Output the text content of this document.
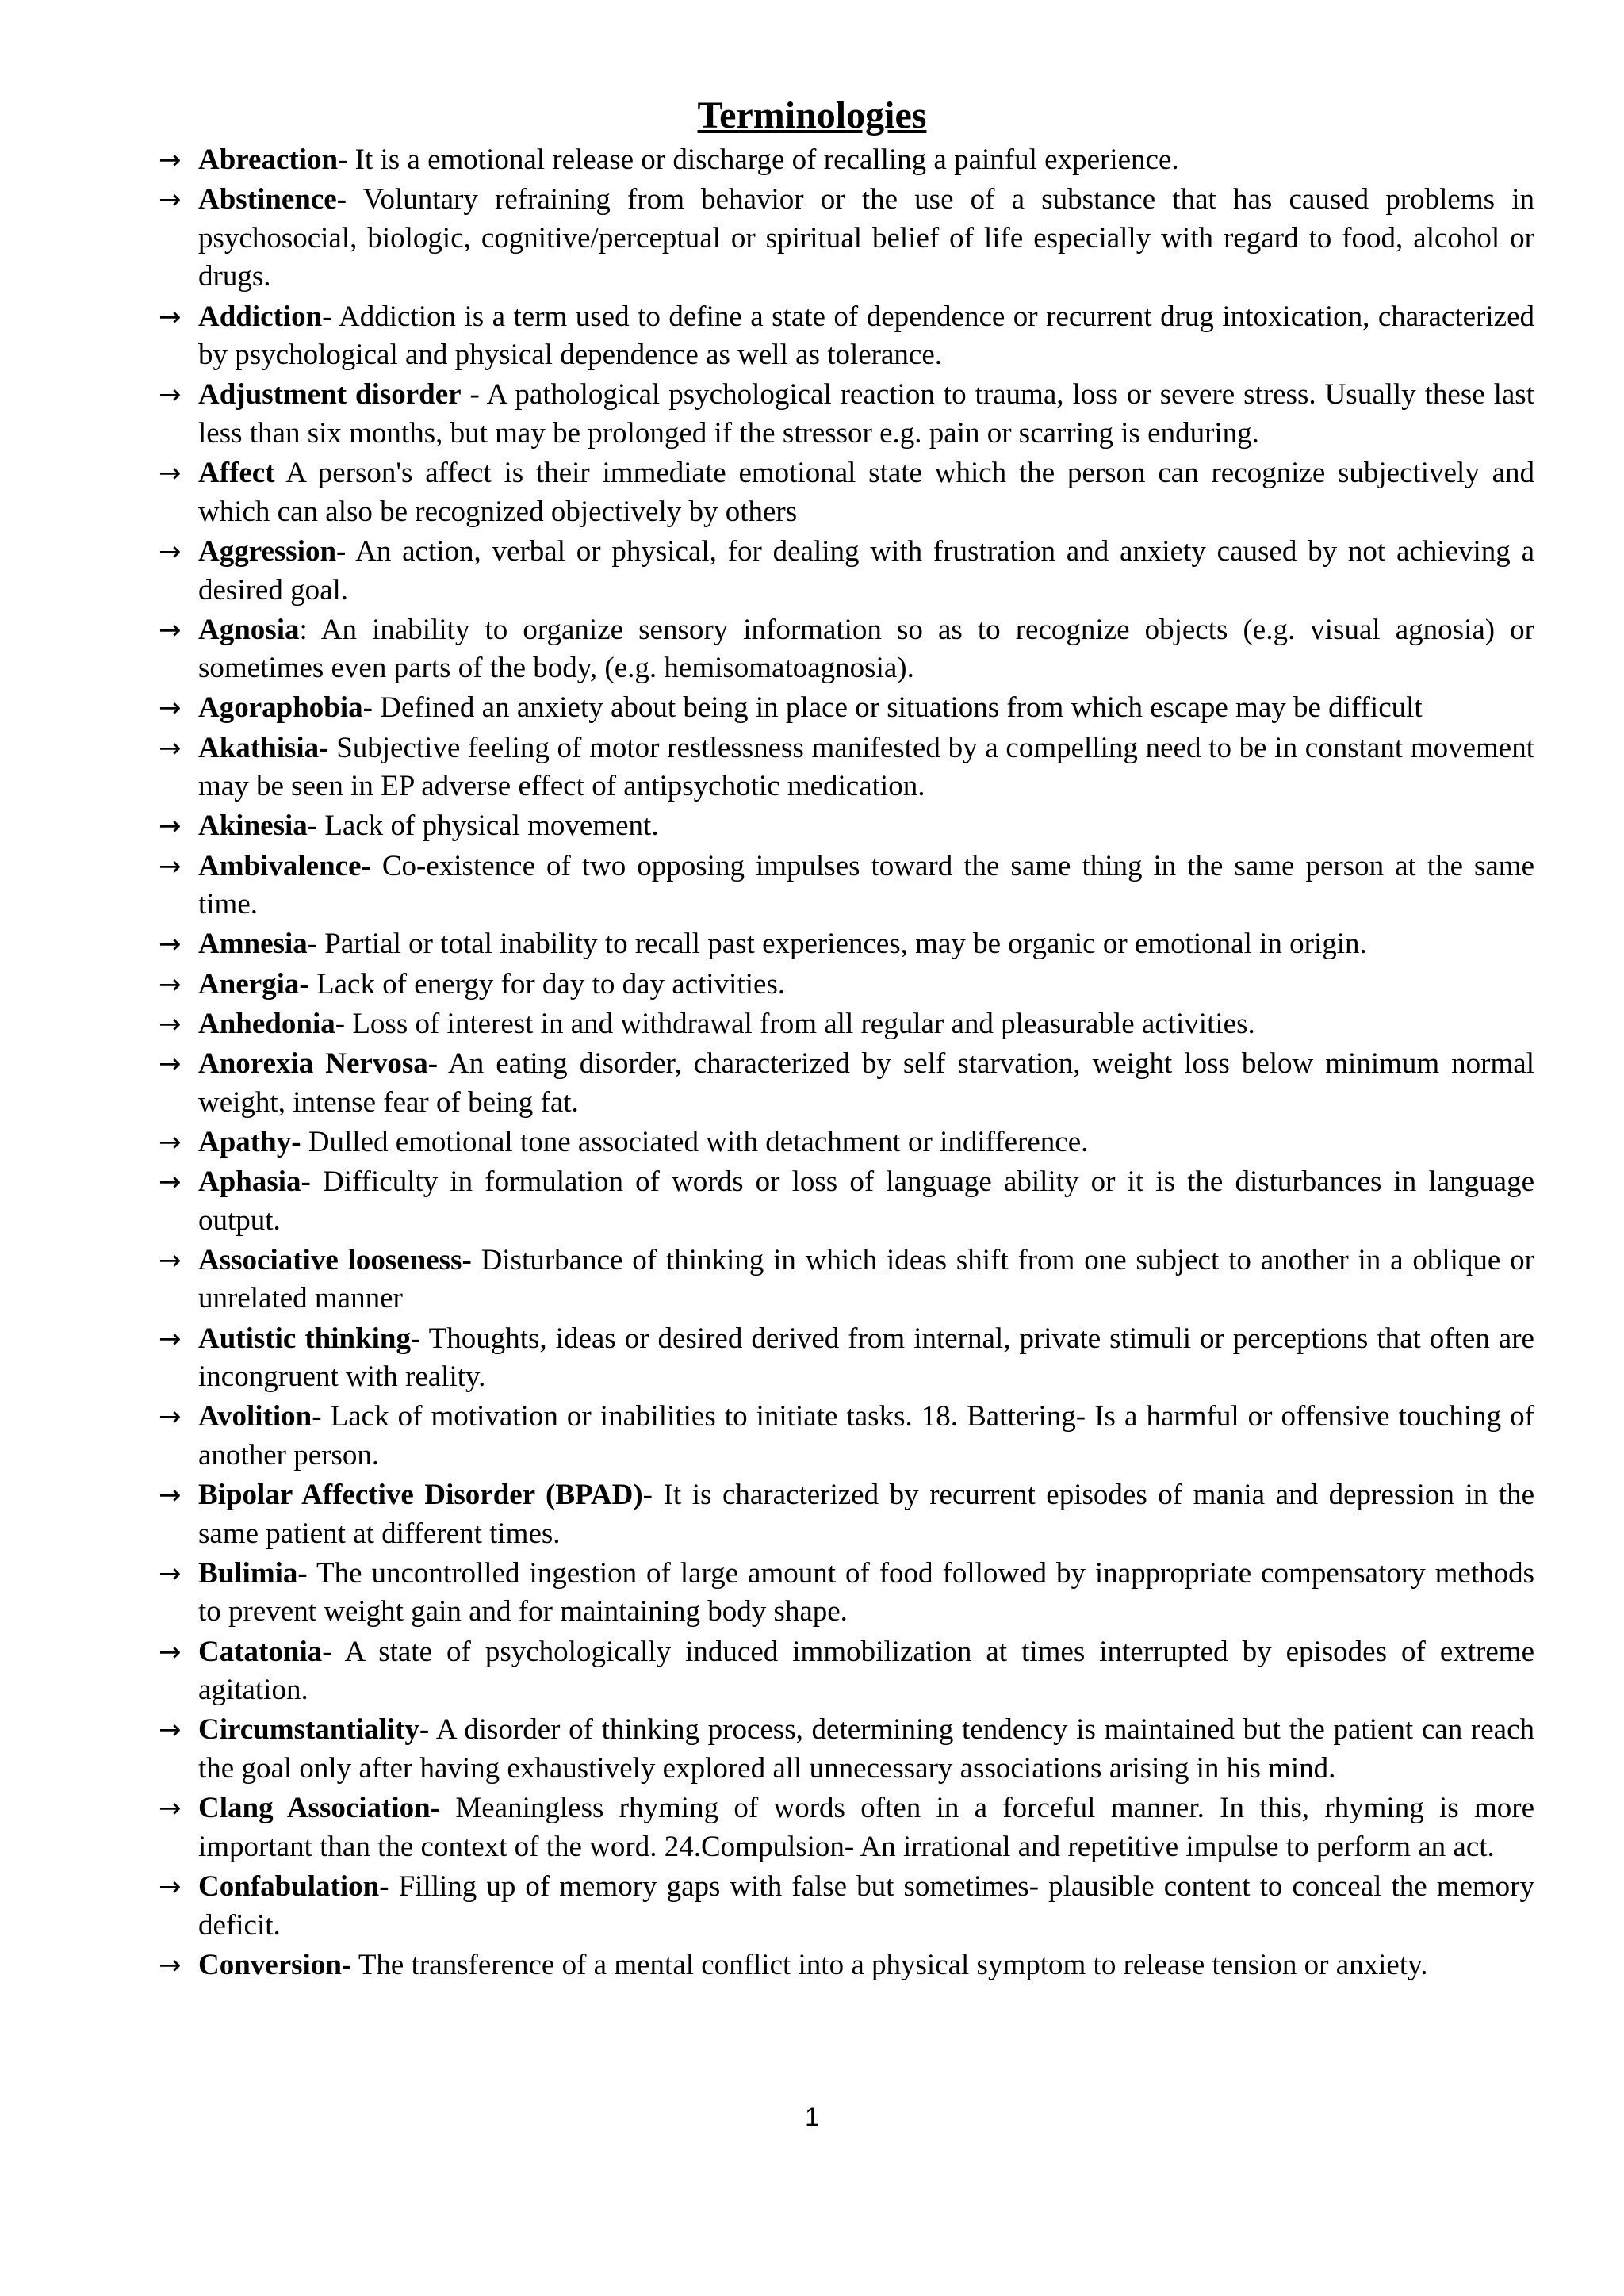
Terminologies
→ Abreaction- It is a emotional release or discharge of recalling a painful experience.
→ Abstinence- Voluntary refraining from behavior or the use of a substance that has caused problems in psychosocial, biologic, cognitive/perceptual or spiritual belief of life especially with regard to food, alcohol or drugs.
→ Addiction- Addiction is a term used to define a state of dependence or recurrent drug intoxication, characterized by psychological and physical dependence as well as tolerance.
→ Adjustment disorder - A pathological psychological reaction to trauma, loss or severe stress. Usually these last less than six months, but may be prolonged if the stressor e.g. pain or scarring is enduring.
→ Affect A person's affect is their immediate emotional state which the person can recognize subjectively and which can also be recognized objectively by others
→ Aggression- An action, verbal or physical, for dealing with frustration and anxiety caused by not achieving a desired goal.
→ Agnosia: An inability to organize sensory information so as to recognize objects (e.g. visual agnosia) or sometimes even parts of the body, (e.g. hemisomatoagnosia).
→ Agoraphobia- Defined an anxiety about being in place or situations from which escape may be difficult
→ Akathisia- Subjective feeling of motor restlessness manifested by a compelling need to be in constant movement may be seen in EP adverse effect of antipsychotic medication.
→ Akinesia- Lack of physical movement.
→ Ambivalence- Co-existence of two opposing impulses toward the same thing in the same person at the same time.
→ Amnesia- Partial or total inability to recall past experiences, may be organic or emotional in origin.
→ Anergia- Lack of energy for day to day activities.
→ Anhedonia- Loss of interest in and withdrawal from all regular and pleasurable activities.
→ Anorexia Nervosa- An eating disorder, characterized by self starvation, weight loss below minimum normal weight, intense fear of being fat.
→ Apathy- Dulled emotional tone associated with detachment or indifference.
→ Aphasia- Difficulty in formulation of words or loss of language ability or it is the disturbances in language output.
→ Associative looseness- Disturbance of thinking in which ideas shift from one subject to another in a oblique or unrelated manner
→ Autistic thinking- Thoughts, ideas or desired derived from internal, private stimuli or perceptions that often are incongruent with reality.
→ Avolition- Lack of motivation or inabilities to initiate tasks. 18. Battering- Is a harmful or offensive touching of another person.
→ Bipolar Affective Disorder (BPAD)- It is characterized by recurrent episodes of mania and depression in the same patient at different times.
→ Bulimia- The uncontrolled ingestion of large amount of food followed by inappropriate compensatory methods to prevent weight gain and for maintaining body shape.
→ Catatonia- A state of psychologically induced immobilization at times interrupted by episodes of extreme agitation.
→ Circumstantiality- A disorder of thinking process, determining tendency is maintained but the patient can reach the goal only after having exhaustively explored all unnecessary associations arising in his mind.
→ Clang Association- Meaningless rhyming of words often in a forceful manner. In this, rhyming is more important than the context of the word. 24.Compulsion- An irrational and repetitive impulse to perform an act.
→ Confabulation- Filling up of memory gaps with false but sometimes- plausible content to conceal the memory deficit.
→ Conversion- The transference of a mental conflict into a physical symptom to release tension or anxiety.
1
